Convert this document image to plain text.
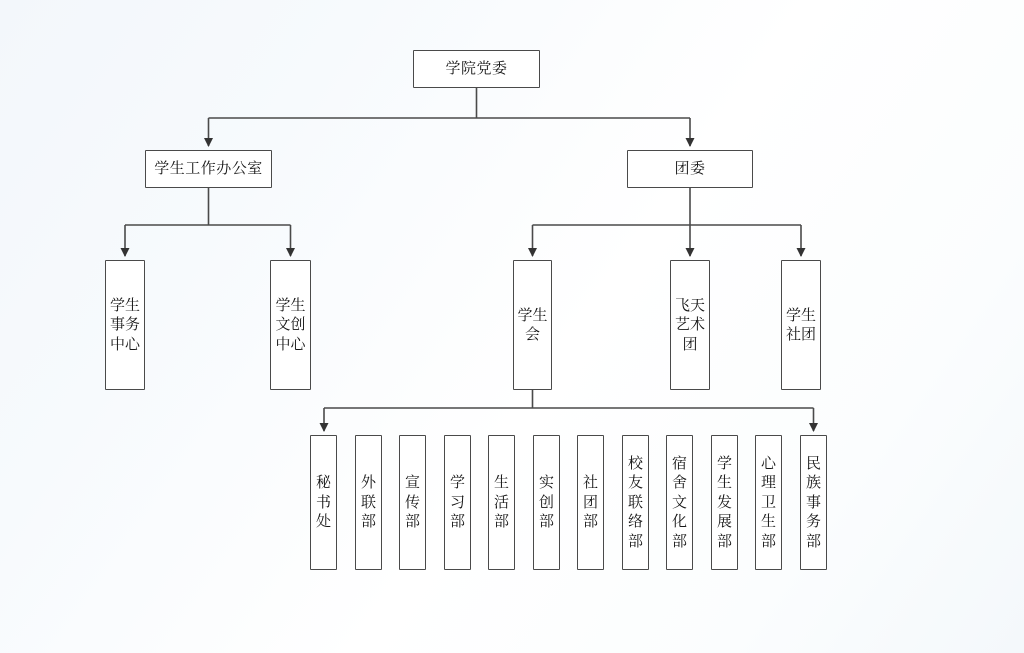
学院党委
学生工作办公室	团委
学生事务中心
学生文创中心
学生会
飞天艺术团
学生社团
秘书处
外联部
宣传部
学习部
生活部
实创部
社团部
校友联络部
宿舍文化部
学生发展部
心理卫生部
民族事务部
